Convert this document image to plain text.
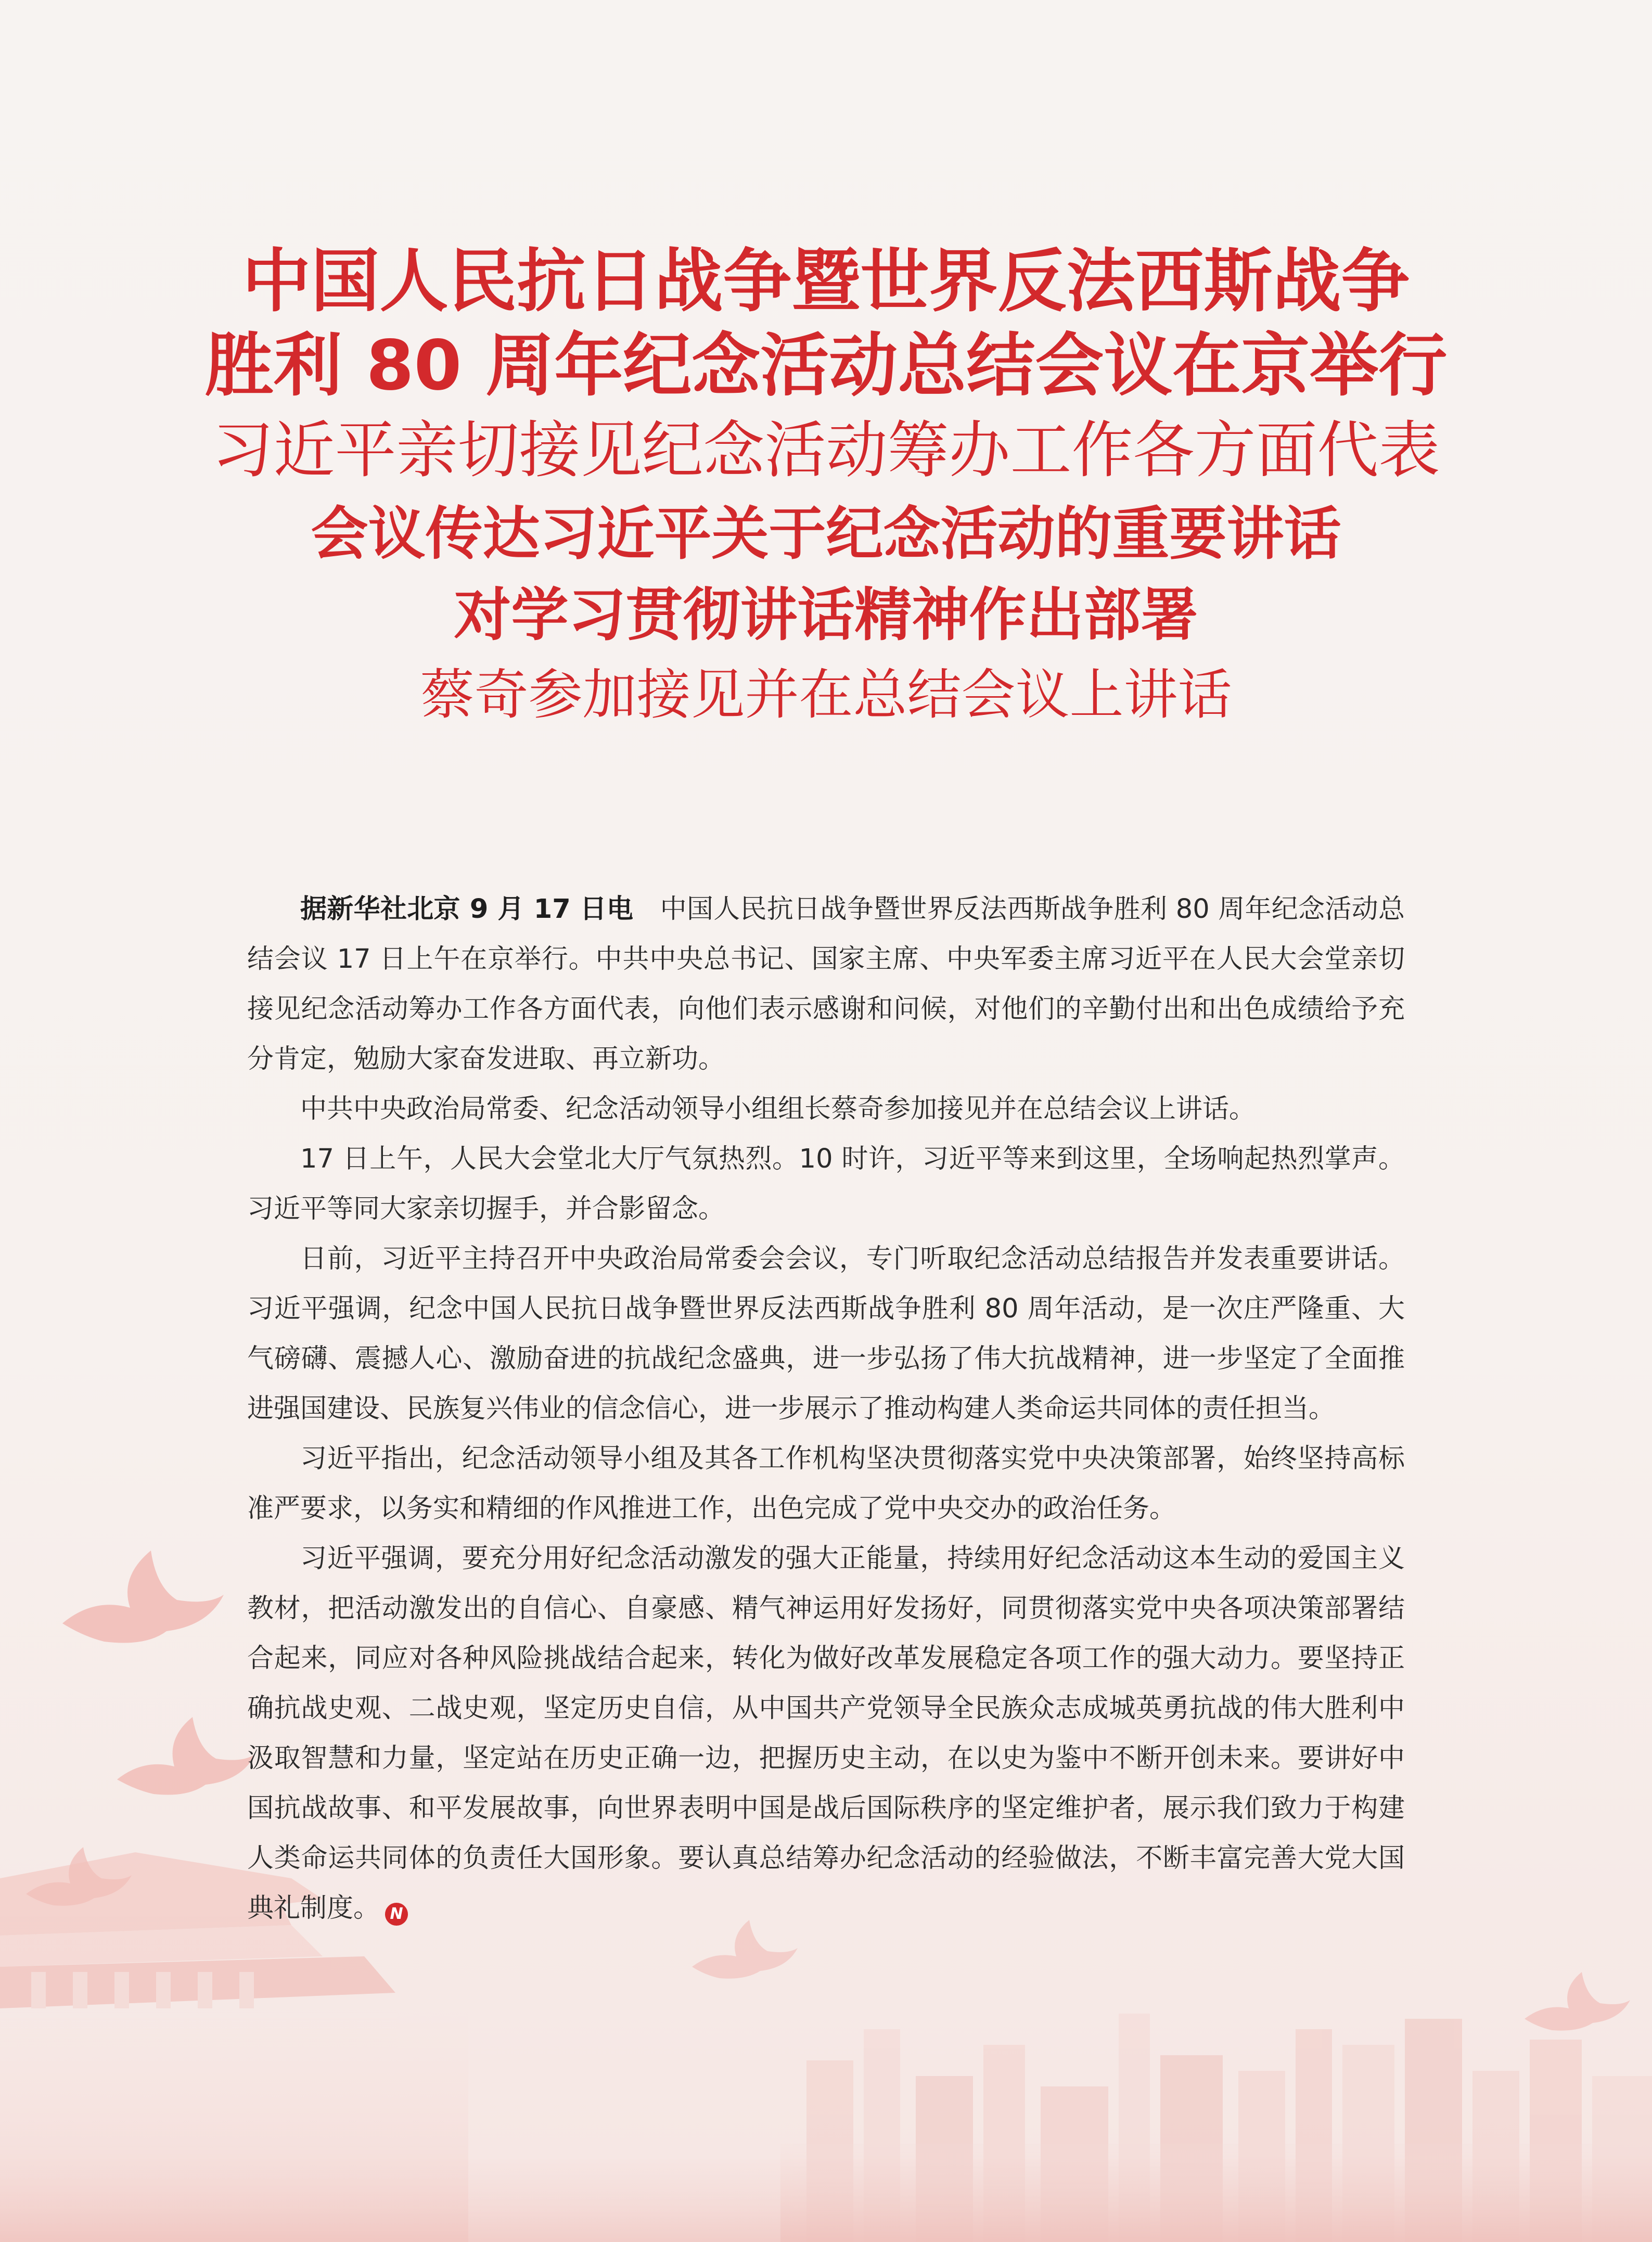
中国人民抗日战争暨世界反法西斯战争

胜利 80 周年纪念活动总结会议在京举行

习近平亲切接见纪念活动筹办工作各方面代表

会议传达习近平关于纪念活动的重要讲话

对学习贯彻讲话精神作出部署

蔡奇参加接见并在总结会议上讲话

据新华社北京 9 月 17 日电　 中国人民抗日战争暨世界反法西斯战争胜利 80 周年纪念活动总结会议 17 日上午在京举行。中共中央总书记、国家主席、中央军委主席习近平在人民大会堂亲切接见纪念活动筹办工作各方面代表，向他们表示感谢和问候，对他们的辛勤付出和出色成绩给予充分肯定，勉励大家奋发进取、再立新功。

中共中央政治局常委、纪念活动领导小组组长蔡奇参加接见并在总结会议上讲话。

17 日上午，人民大会堂北大厅气氛热烈。10 时许，习近平等来到这里，全场响起热烈掌声。习近平等同大家亲切握手，并合影留念。

日前，习近平主持召开中央政治局常委会会议，专门听取纪念活动总结报告并发表重要讲话。习近平强调，纪念中国人民抗日战争暨世界反法西斯战争胜利 80 周年活动，是一次庄严隆重、大气磅礴、震撼人心、激励奋进的抗战纪念盛典，进一步弘扬了伟大抗战精神，进一步坚定了全面推进强国建设、民族复兴伟业的信念信心，进一步展示了推动构建人类命运共同体的责任担当。

习近平指出，纪念活动领导小组及其各工作机构坚决贯彻落实党中央决策部署，始终坚持高标准严要求，以务实和精细的作风推进工作，出色完成了党中央交办的政治任务。

习近平强调，要充分用好纪念活动激发的强大正能量，持续用好纪念活动这本生动的爱国主义教材，把活动激发出的自信心、自豪感、精气神运用好发扬好，同贯彻落实党中央各项决策部署结合起来，同应对各种风险挑战结合起来，转化为做好改革发展稳定各项工作的强大动力。要坚持正确抗战史观、二战史观，坚定历史自信，从中国共产党领导全民族众志成城英勇抗战的伟大胜利中汲取智慧和力量，坚定站在历史正确一边，把握历史主动，在以史为鉴中不断开创未来。要讲好中国抗战故事、和平发展故事，向世界表明中国是战后国际秩序的坚定维护者，展示我们致力于构建人类命运共同体的负责任大国形象。要认真总结筹办纪念活动的经验做法，不断丰富完善大党大国典礼制度。 N
